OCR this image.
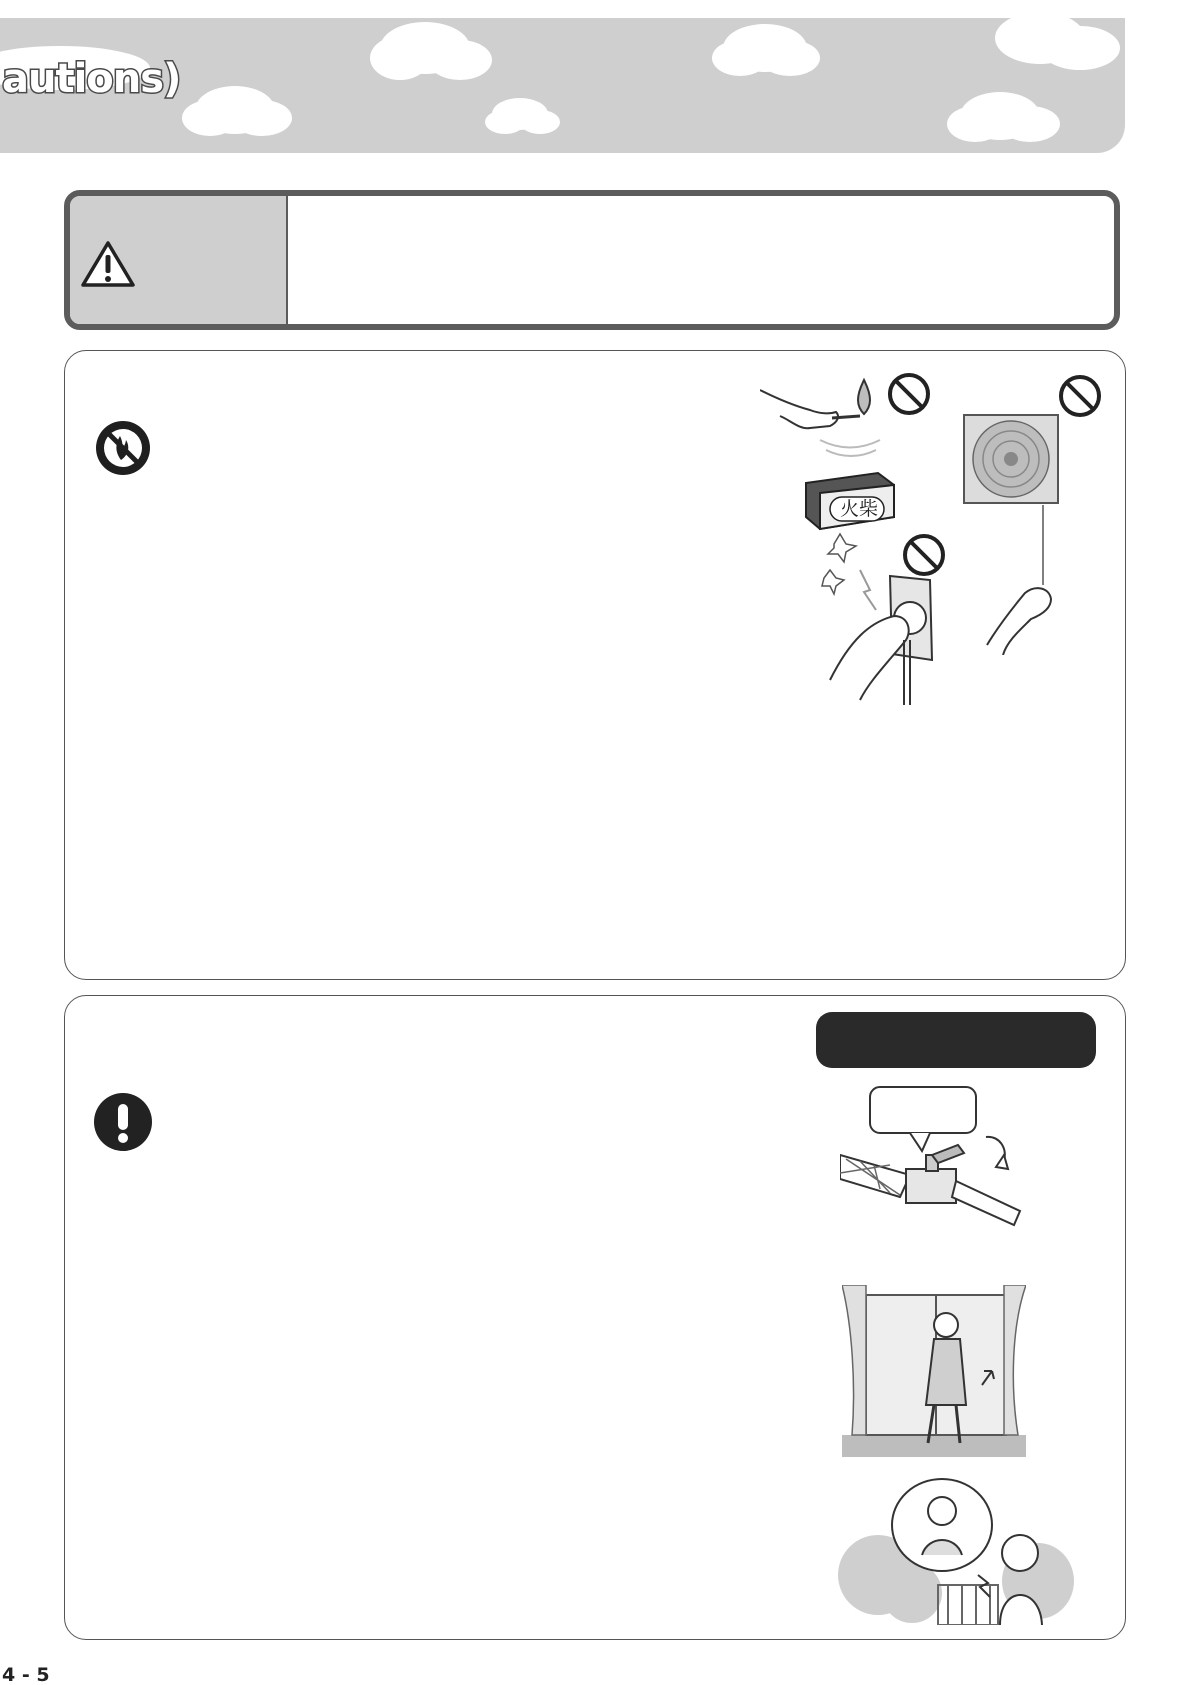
autions)
火柴
4 - 5
